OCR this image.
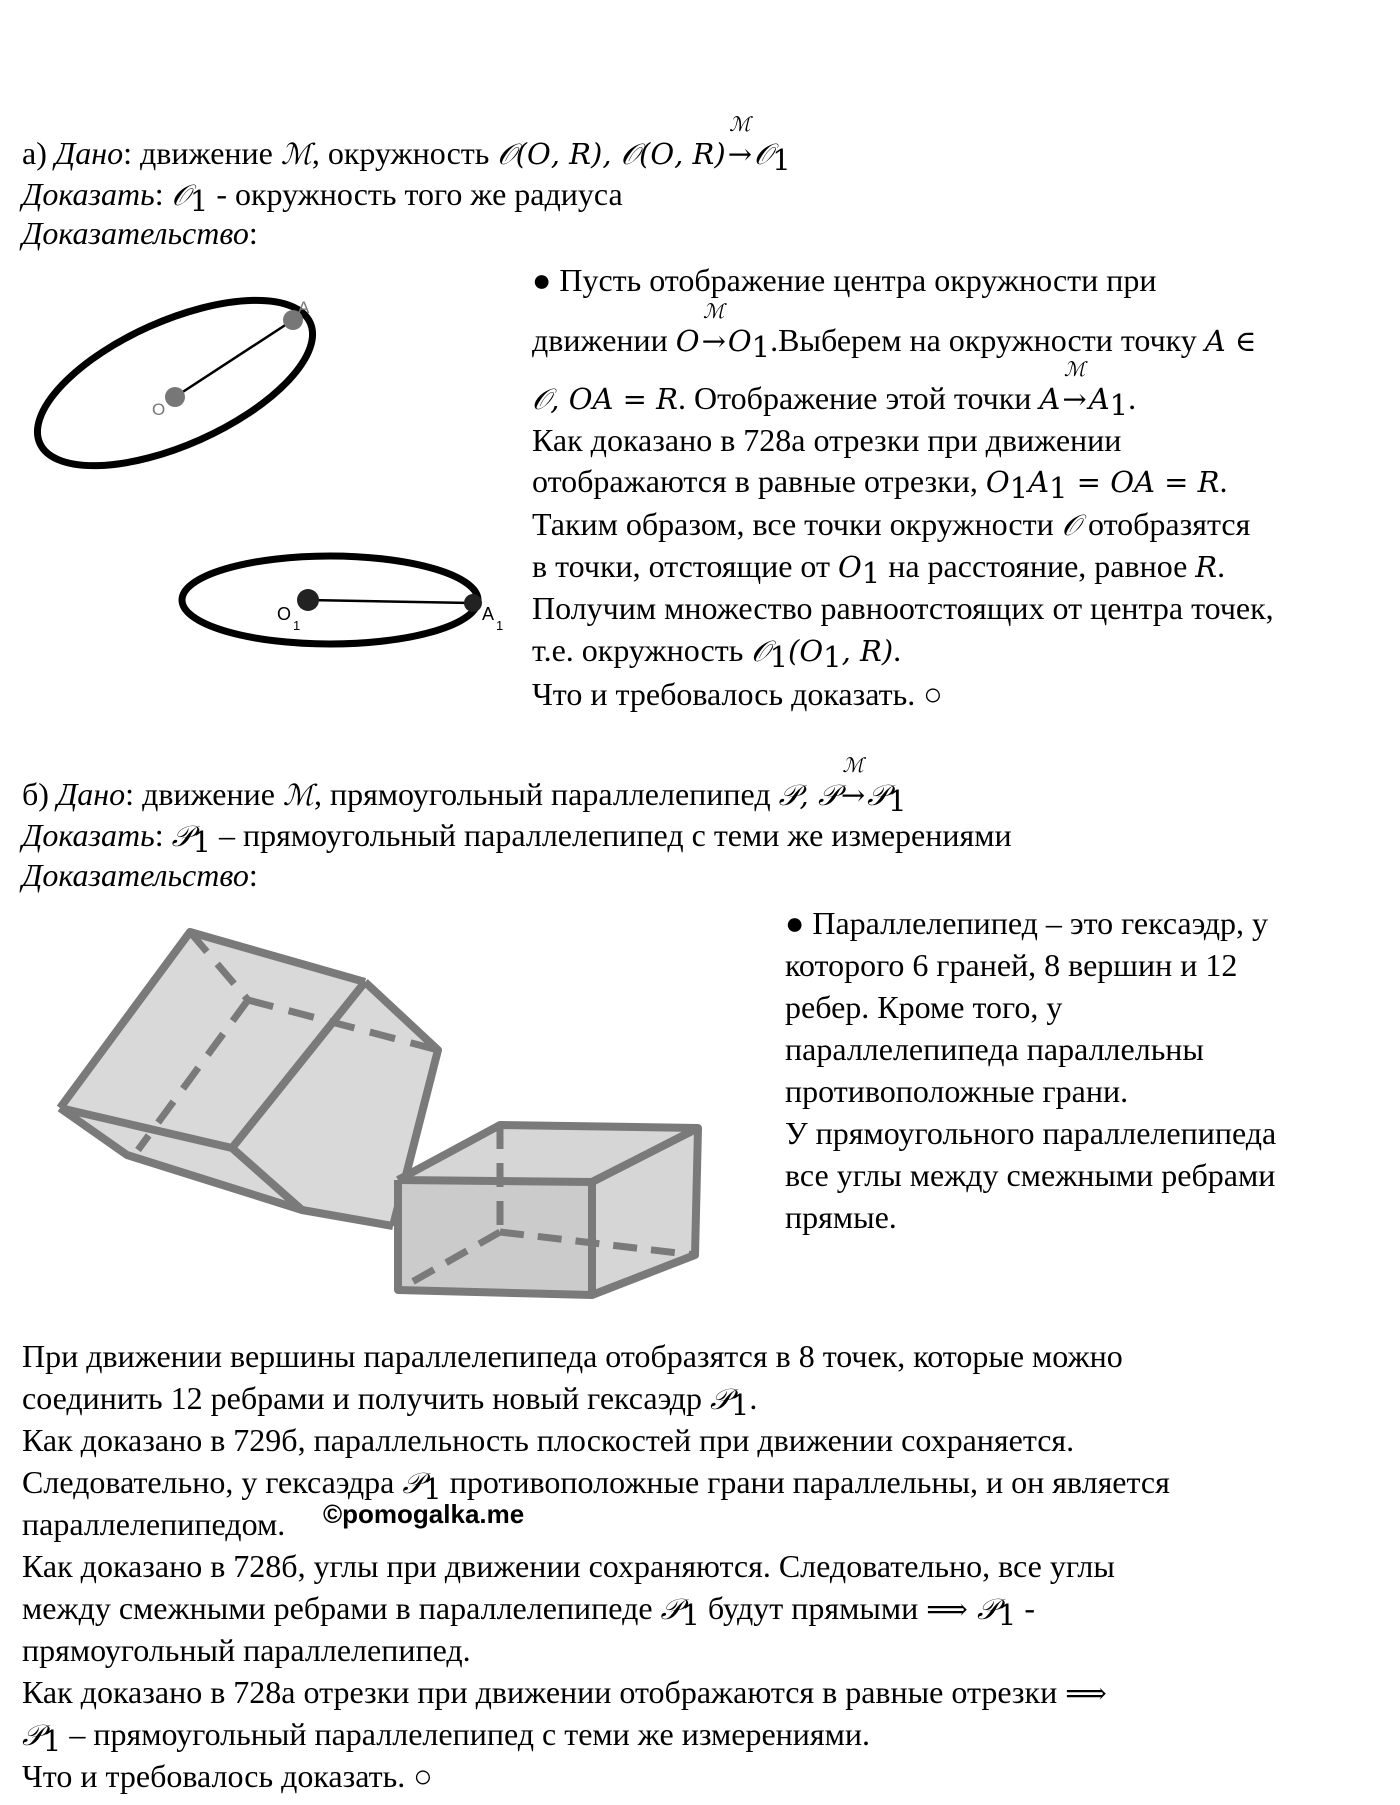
а) Дано: движение ℳ, окружность 𝒪(𝑂, 𝑅), 𝒪(𝑂, 𝑅)
ℳ
→𝒪$_1$
Доказать: 𝒪$_1$ - окружность того же радиуса
Доказательство:
A
O
O
1
A
1
● Пусть отображение центра окружности при
движении 𝑂
ℳ
→𝑂$_1$.Выберем на окружности точку 𝐴 ∈
𝒪, 𝑂𝐴 = 𝑅. Отображение этой точки 𝐴
ℳ
→𝐴$_1$.
Как доказано в 728а отрезки при движении
отображаются в равные отрезки, 𝑂$_1$𝐴$_1$ = 𝑂𝐴 = 𝑅.
Таким образом, все точки окружности 𝒪 отобразятся
в точки, отстоящие от 𝑂$_1$ на расстояние, равное 𝑅.
Получим множество равноотстоящих от центра точек,
т.е. окружность 𝒪$_1$(𝑂$_1$, 𝑅).
Что и требовалось доказать. ○
б) Дано: движение ℳ, прямоугольный параллелепипед 𝒫, 𝒫
ℳ
→𝒫$_1$
Доказать: 𝒫$_1$ – прямоугольный параллелепипед с теми же измерениями
Доказательство:
● Параллелепипед – это гексаэдр, у
которого 6 граней, 8 вершин и 12
ребер. Кроме того, у
параллелепипеда параллельны
противоположные грани.
У прямоугольного параллелепипеда
все углы между смежными ребрами
прямые.
При движении вершины параллелепипеда отобразятся в 8 точек, которые можно
соединить 12 ребрами и получить новый гексаэдр 𝒫$_1$.
Как доказано в 729б, параллельность плоскостей при движении сохраняется.
Следовательно, у гексаэдра 𝒫$_1$ противоположные грани параллельны, и он является
параллелепипедом. ©pomogalka.me
Как доказано в 728б, углы при движении сохраняются. Следовательно, все углы
между смежными ребрами в параллелепипеде 𝒫$_1$ будут прямыми ⟹ 𝒫$_1$ -
прямоугольный параллелепипед.
Как доказано в 728а отрезки при движении отображаются в равные отрезки ⟹
𝒫$_1$ – прямоугольный параллелепипед с теми же измерениями.
Что и требовалось доказать. ○
